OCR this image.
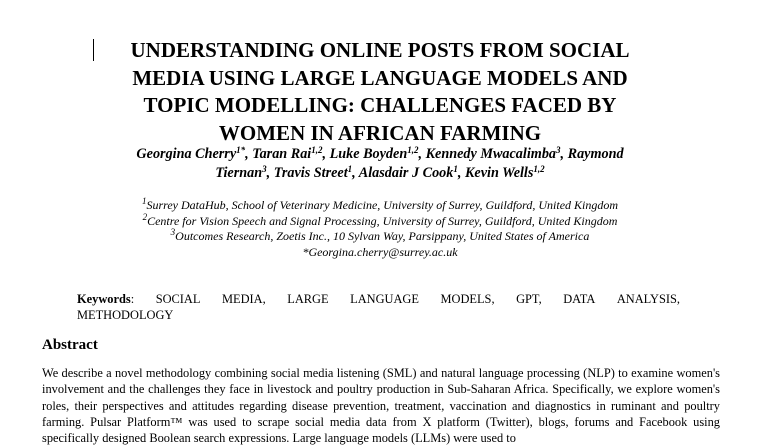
UNDERSTANDING ONLINE POSTS FROM SOCIAL
MEDIA USING LARGE LANGUAGE MODELS AND
TOPIC MODELLING: CHALLENGES FACED BY
WOMEN IN AFRICAN FARMING
Georgina Cherry$^{1*}$, Taran Rai$^{1,2}$, Luke Boyden$^{1,2}$, Kennedy Mwacalimba$^3$, Raymond
Tiernan$^3$, Travis Street$^1$, Alasdair J Cook$^1$, Kevin Wells$^{1,2}$
$^1$Surrey DataHub, School of Veterinary Medicine, University of Surrey, Guildford, United Kingdom
$^2$Centre for Vision Speech and Signal Processing, University of Surrey, Guildford, United Kingdom
$^3$Outcomes Research, Zoetis Inc., 10 Sylvan Way, Parsippany, United States of America
*Georgina.cherry@surrey.ac.uk
Keywords: SOCIAL MEDIA, LARGE LANGUAGE MODELS, GPT, DATA ANALYSIS,
METHODOLOGY
Abstract
We describe a novel methodology combining social media listening (SML) and natural language processing (NLP) to examine women's involvement and the challenges they face in livestock and poultry production in Sub-Saharan Africa. Specifically, we explore women's roles, their perspectives and attitudes regarding disease prevention, treatment, vaccination and diagnostics in ruminant and poultry farming. Pulsar Platform™ was used to scrape social media data from X platform (Twitter), blogs, forums and Facebook using specifically designed Boolean search expressions. Large language models (LLMs) were used to
